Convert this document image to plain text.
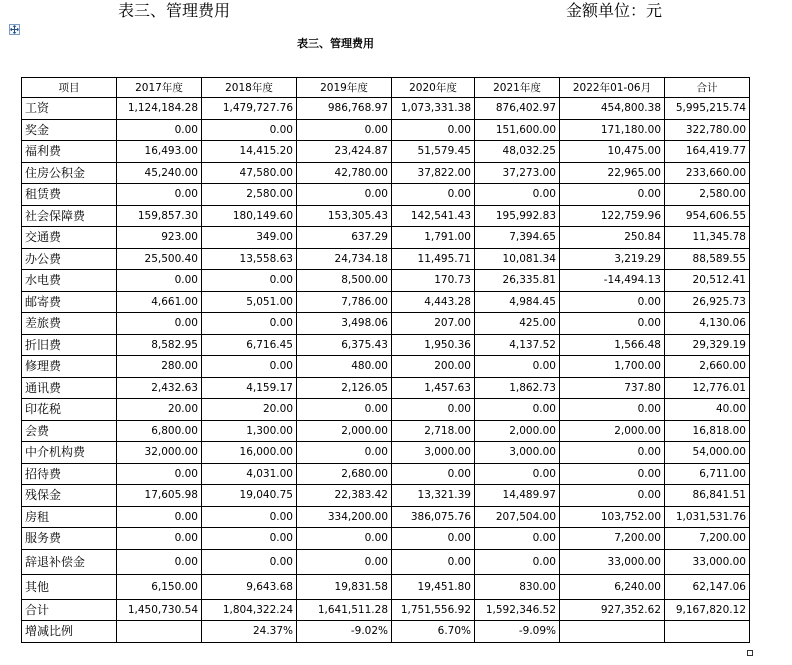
表三、管理费用	金额单位：元
表三、管理费用
项目	2017年度	2018年度	2019年度	2020年度	2021年度	2022年01-06月	合计
工资	1,124,184.28	1,479,727.76	986,768.97	1,073,331.38	876,402.97	454,800.38	5,995,215.74
奖金	0.00	0.00	0.00	0.00	151,600.00	171,180.00	322,780.00
福利费	16,493.00	14,415.20	23,424.87	51,579.45	48,032.25	10,475.00	164,419.77
住房公积金	45,240.00	47,580.00	42,780.00	37,822.00	37,273.00	22,965.00	233,660.00
租赁费	0.00	2,580.00	0.00	0.00	0.00	0.00	2,580.00
社会保障费	159,857.30	180,149.60	153,305.43	142,541.43	195,992.83	122,759.96	954,606.55
交通费	923.00	349.00	637.29	1,791.00	7,394.65	250.84	11,345.78
办公费	25,500.40	13,558.63	24,734.18	11,495.71	10,081.34	3,219.29	88,589.55
水电费	0.00	0.00	8,500.00	170.73	26,335.81	-14,494.13	20,512.41
邮寄费	4,661.00	5,051.00	7,786.00	4,443.28	4,984.45	0.00	26,925.73
差旅费	0.00	0.00	3,498.06	207.00	425.00	0.00	4,130.06
折旧费	8,582.95	6,716.45	6,375.43	1,950.36	4,137.52	1,566.48	29,329.19
修理费	280.00	0.00	480.00	200.00	0.00	1,700.00	2,660.00
通讯费	2,432.63	4,159.17	2,126.05	1,457.63	1,862.73	737.80	12,776.01
印花税	20.00	20.00	0.00	0.00	0.00	0.00	40.00
会费	6,800.00	1,300.00	2,000.00	2,718.00	2,000.00	2,000.00	16,818.00
中介机构费	32,000.00	16,000.00	0.00	3,000.00	3,000.00	0.00	54,000.00
招待费	0.00	4,031.00	2,680.00	0.00	0.00	0.00	6,711.00
残保金	17,605.98	19,040.75	22,383.42	13,321.39	14,489.97	0.00	86,841.51
房租	0.00	0.00	334,200.00	386,075.76	207,504.00	103,752.00	1,031,531.76
服务费	0.00	0.00	0.00	0.00	0.00	7,200.00	7,200.00
辞退补偿金	0.00	0.00	0.00	0.00	0.00	33,000.00	33,000.00
其他	6,150.00	9,643.68	19,831.58	19,451.80	830.00	6,240.00	62,147.06
合计	1,450,730.54	1,804,322.24	1,641,511.28	1,751,556.92	1,592,346.52	927,352.62	9,167,820.12
增减比例		24.37%	-9.02%	6.70%	-9.09%		
